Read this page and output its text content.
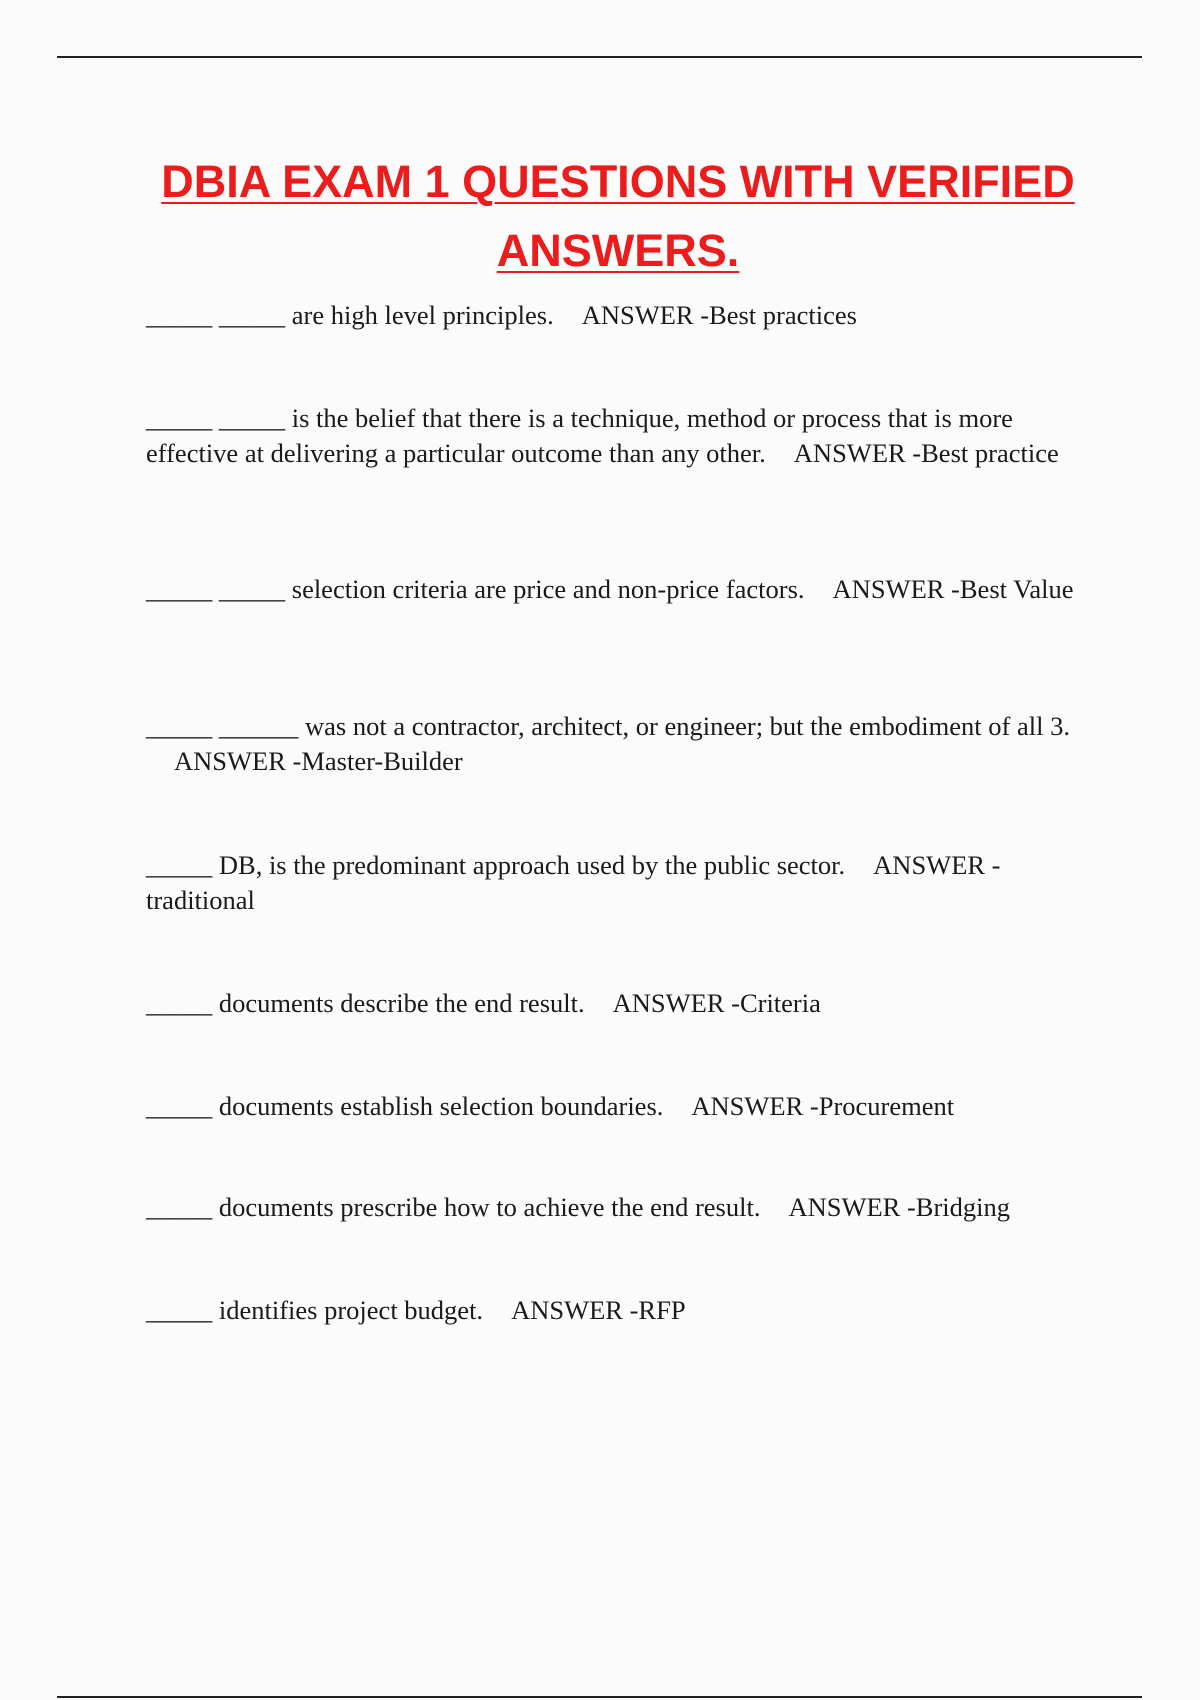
DBIA EXAM 1 QUESTIONS WITH VERIFIED
ANSWERS.

_____ _____ are high level principles. ANSWER -Best practices

_____ _____ is the belief that there is a technique, method or process that is more effective at delivering a particular outcome than any other. ANSWER -Best practice

_____ _____ selection criteria are price and non-price factors. ANSWER -Best Value

_____ ______ was not a contractor, architect, or engineer; but the embodiment of all 3.ANSWER -Master-Builder

_____ DB, is the predominant approach used by the public sector. ANSWER -traditional

_____ documents describe the end result. ANSWER -Criteria

_____ documents establish selection boundaries. ANSWER -Procurement

_____ documents prescribe how to achieve the end result. ANSWER -Bridging

_____ identifies project budget. ANSWER -RFP
